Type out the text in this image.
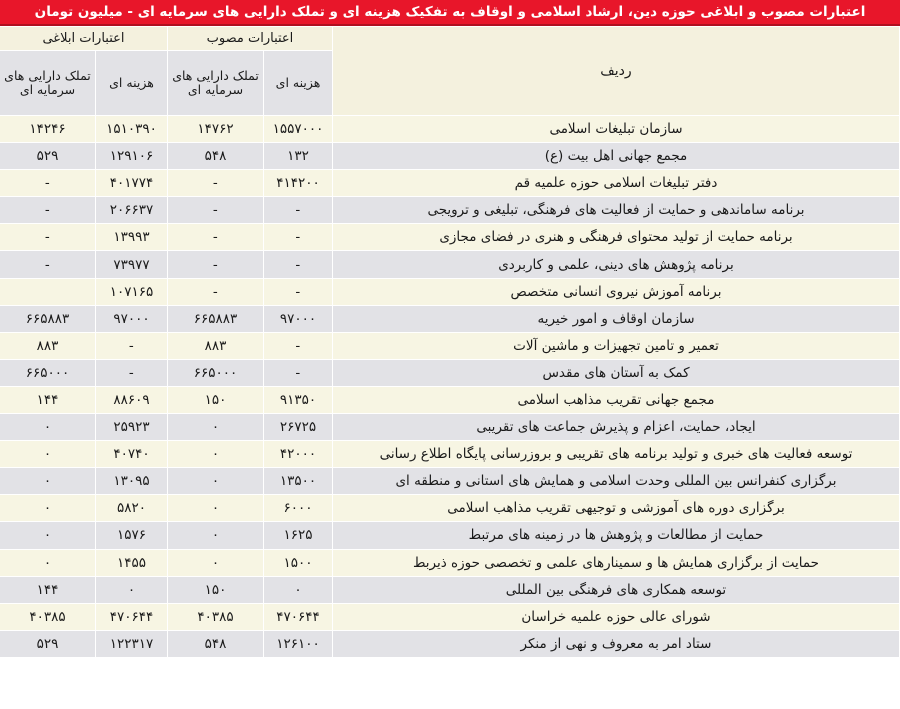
اعتبارات مصوب و ابلاغی حوزه دین، ارشاد اسلامی و اوقاف به تفکیک هزینه ای و تملک دارایی های سرمایه ای - میلیون تومان
ردیف	اعتبارات مصوب		اعتبارات ابلاغی	
	هزینه ای	تملک دارایی های سرمایه ای	هزینه ای	تملک دارایی های سرمایه ای
سازمان تبلیغات اسلامی	۱۵۵۷۰۰۰	۱۴۷۶۲	۱۵۱۰۳۹۰	۱۴۲۴۶
مجمع جهانی اهل بیت (ع)	۱۳۲	۵۴۸	۱۲۹۱۰۶	۵۲۹
دفتر تبلیغات اسلامی حوزه علمیه قم	۴۱۴۲۰۰	-	۴۰۱۷۷۴	-
برنامه ساماندهی و حمایت از فعالیت های فرهنگی، تبلیغی و ترویجی	-	-	۲۰۶۶۳۷	-
برنامه حمایت از تولید محتوای فرهنگی و هنری در فضای مجازی	-	-	۱۳۹۹۳	-
برنامه پژوهش های دینی، علمی و کاربردی	-	-	۷۳۹۷۷	-
برنامه آموزش نیروی انسانی متخصص	-	-	۱۰۷۱۶۵	
سازمان اوقاف و امور خیریه	۹۷۰۰۰	۶۶۵۸۸۳	۹۷۰۰۰	۶۶۵۸۸۳
تعمیر و تامین تجهیزات و ماشین آلات	-	۸۸۳	-	۸۸۳
کمک به آستان های مقدس	-	۶۶۵۰۰۰	-	۶۶۵۰۰۰
مجمع جهانی تقریب مذاهب اسلامی	۹۱۳۵۰	۱۵۰	۸۸۶۰۹	۱۴۴
ایجاد، حمایت، اعزام و پذیرش جماعت های تقریبی	۲۶۷۲۵	۰	۲۵۹۲۳	۰
توسعه فعالیت های خبری و تولید برنامه های تقریبی و بروزرسانی پایگاه اطلاع رسانی	۴۲۰۰۰	۰	۴۰۷۴۰	۰
برگزاری کنفرانس بین المللی وحدت اسلامی و همایش های استانی و منطقه ای	۱۳۵۰۰	۰	۱۳۰۹۵	۰
برگزاری دوره های آموزشی و توجیهی تقریب مذاهب اسلامی	۶۰۰۰	۰	۵۸۲۰	۰
حمایت از مطالعات و پژوهش ها در زمینه های مرتبط	۱۶۲۵	۰	۱۵۷۶	۰
حمایت از برگزاری همایش ها و سمینارهای علمی و تخصصی حوزه ذیربط	۱۵۰۰	۰	۱۴۵۵	۰
توسعه همکاری های فرهنگی بین المللی	۰	۱۵۰	۰	۱۴۴
شورای عالی حوزه علمیه خراسان	۴۷۰۶۴۴	۴۰۳۸۵	۴۷۰۶۴۴	۴۰۳۸۵
ستاد امر به معروف و نهی از منکر	۱۲۶۱۰۰	۵۴۸	۱۲۲۳۱۷	۵۲۹
